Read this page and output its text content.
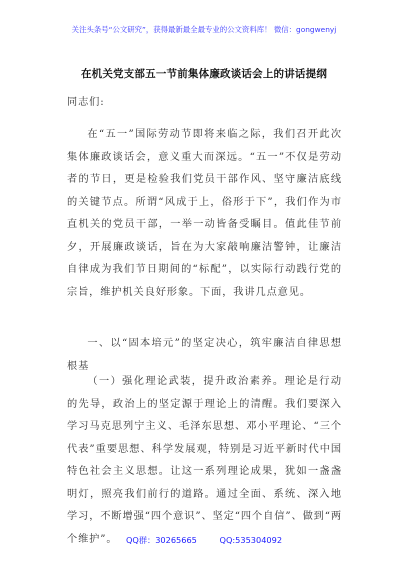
关注头条号“公文研究”，获得最新最全最专业的公文资料库！ 微信：gongwenyj
在机关党支部五一节前集体廉政谈话会上的讲话提纲
同志们:
在“五一”国际劳动节即将来临之际，我们召开此次集体廉政谈话会，意义重大而深远。“五一”不仅是劳动者的节日，更是检验我们党员干部作风、坚守廉洁底线的关键节点。所谓“风成于上，俗形于下”，我们作为市直机关的党员干部，一举一动皆备受瞩目。值此佳节前夕，开展廉政谈话，旨在为大家敲响廉洁警钟，让廉洁自律成为我们节日期间的“标配”，以实际行动践行党的宗旨，维护机关良好形象。下面，我讲几点意见。
一、以“固本培元”的坚定决心，筑牢廉洁自律思想根基
（一）强化理论武装，提升政治素养。理论是行动的先导，政治上的坚定源于理论上的清醒。我们要深入学习马克思列宁主义、毛泽东思想、邓小平理论、“三个代表”重要思想、科学发展观，特别是习近平新时代中国特色社会主义思想。让这一系列理论成果，犹如一盏盏明灯，照亮我们前行的道路。通过全面、系统、深入地学习，不断增强“四个意识”、坚定“四个自信”、做到“两个维护”。	QQ群：30265665	QQ:535304092
